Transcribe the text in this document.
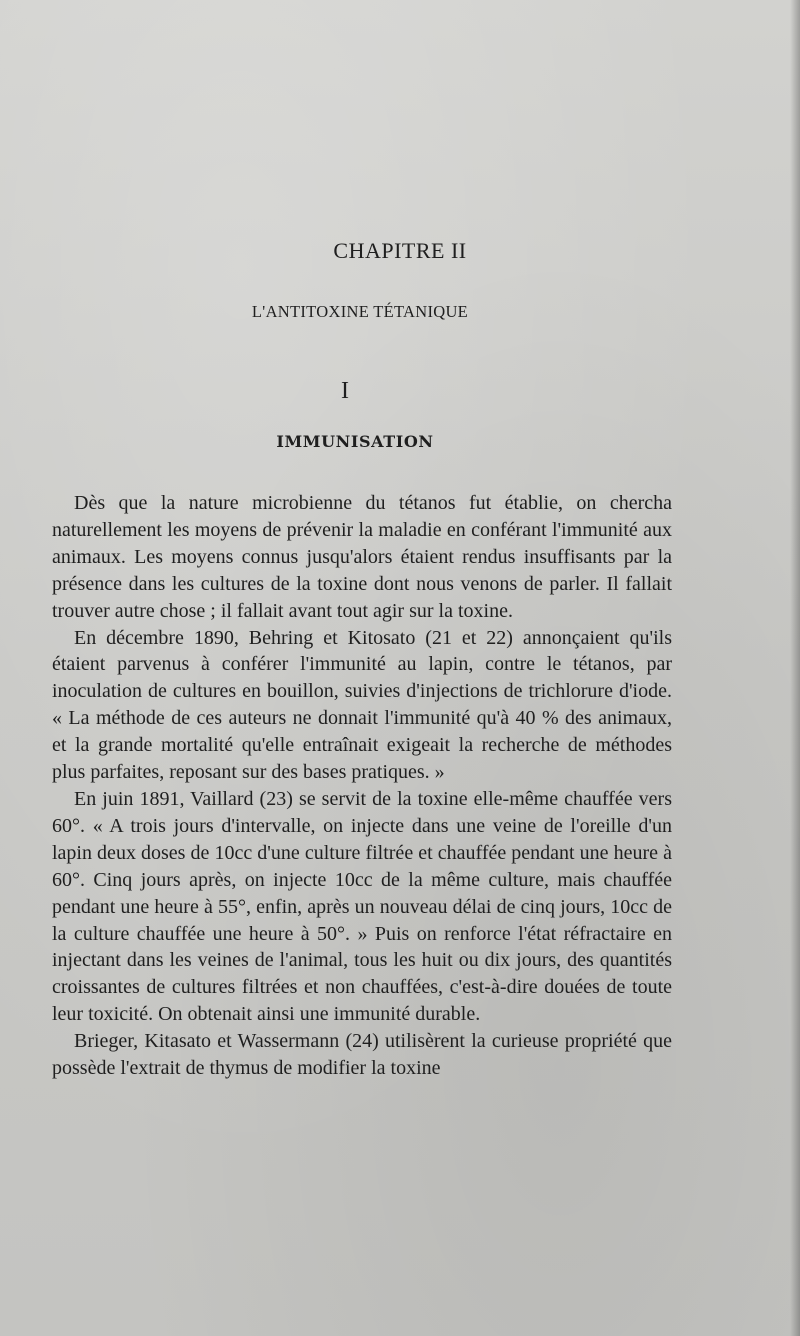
CHAPITRE II
L'ANTITOXINE TÉTANIQUE
I
IMMUNISATION

Dès que la nature microbienne du tétanos fut établie, on chercha naturellement les moyens de prévenir la maladie en conférant l'immunité aux animaux. Les moyens connus jusqu'alors étaient rendus insuffisants par la présence dans les cultures de la toxine dont nous venons de parler. Il fallait trouver autre chose ; il fallait avant tout agir sur la toxine.

En décembre 1890, Behring et Kitosato (21 et 22) annonçaient qu'ils étaient parvenus à conférer l'immunité au lapin, contre le tétanos, par inoculation de cultures en bouillon, suivies d'injections de trichlorure d'iode. « La méthode de ces auteurs ne donnait l'immunité qu'à 40 % des animaux, et la grande mortalité qu'elle entraînait exigeait la recherche de méthodes plus parfaites, reposant sur des bases pratiques. »

En juin 1891, Vaillard (23) se servit de la toxine elle-même chauffée vers 60°. « A trois jours d'intervalle, on injecte dans une veine de l'oreille d'un lapin deux doses de 10cc d'une culture filtrée et chauffée pendant une heure à 60°. Cinq jours après, on injecte 10cc de la même culture, mais chauffée pendant une heure à 55°, enfin, après un nouveau délai de cinq jours, 10cc de la culture chauffée une heure à 50°. » Puis on renforce l'état réfractaire en injectant dans les veines de l'animal, tous les huit ou dix jours, des quantités croissantes de cultures filtrées et non chauffées, c'est-à-dire douées de toute leur toxicité. On obtenait ainsi une immunité durable.

Brieger, Kitasato et Wassermann (24) utilisèrent la curieuse propriété que possède l'extrait de thymus de modifier la toxine
